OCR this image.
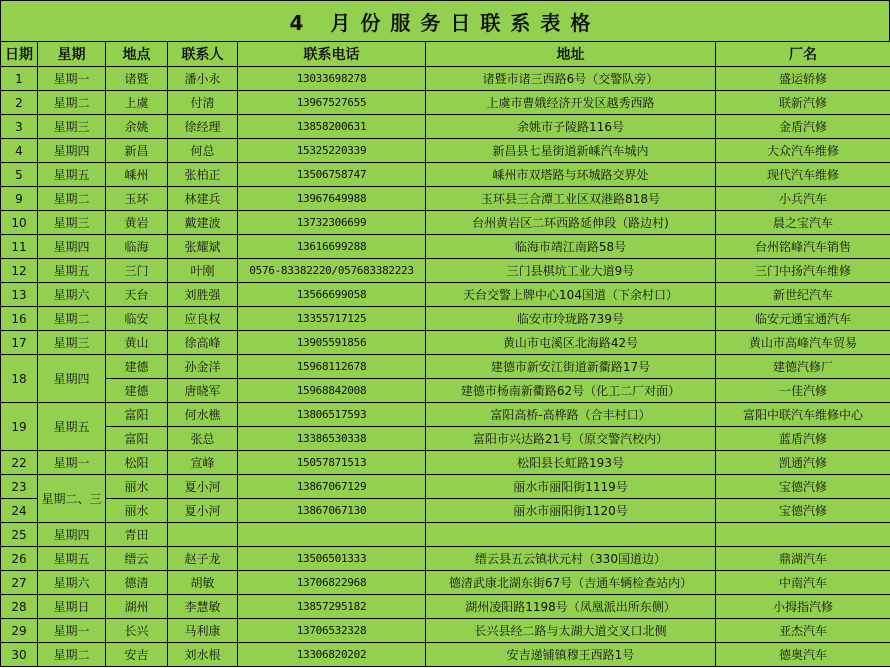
4 月份服务日联系表格
日期	星期	地点	联系人	联系电话	地址	厂名
1	星期一	诸暨	潘小永	13033698278	诸暨市诸三西路6号（交警队旁）	盛运轿修
2	星期二	上虞	付清	13967527655	上虞市曹娥经济开发区越秀西路	联新汽修
3	星期三	余姚	徐经理	13858200631	余姚市子陵路116号	金盾汽修
4	星期四	新昌	何总	15325220339	新昌县七星街道新嵊汽车城内	大众汽车维修
5	星期五	嵊州	张柏正	13506758747	嵊州市双塔路与环城路交界处	现代汽车维修
9	星期二	玉环	林建兵	13967649988	玉环县三合潭工业区双港路818号	小兵汽车
10	星期三	黄岩	戴建波	13732306699	台州黄岩区二环西路延伸段（路边村)	晨之宝汽车
11	星期四	临海	张耀斌	13616699288	临海市靖江南路58号	台州铭峰汽车销售
12	星期五	三门	叶刚	0576-83382220/057683382223	三门县棋坑工业大道9号	三门中扬汽车维修
13	星期六	天台	刘胜强	13566699058	天台交警上牌中心104国道（下余村口）	新世纪汽车
16	星期二	临安	应良权	13355717125	临安市玲珑路739号	临安元通宝通汽车
17	星期三	黄山	徐高峰	13905591856	黄山市屯溪区北海路42号	黄山市高峰汽车贸易
18	星期四	建德	孙金洋	15968112678	建德市新安江街道新衢路17号	建德汽修厂
		建德	唐晓军	15968842008	建德市杨南新衢路62号（化工二厂对面）	一佳汽修
19	星期五	富阳	何水樵	13806517593	富阳高桥-高桦路（合丰村口）	富阳中联汽车维修中心
		富阳	张总	13386530338	富阳市兴达路21号（原交警汽校内）	蓝盾汽修
22	星期一	松阳	宣峰	15057871513	松阳县长虹路193号	凯通汽修
23	星期二、三	丽水	夏小河	13867067129	丽水市丽阳街1119号	宝德汽修
24		丽水	夏小河	13867067130	丽水市丽阳街1120号	宝德汽修
25	星期四	青田				
26	星期五	缙云	赵子龙	13506501333	缙云县五云镇状元村（330国道边）	鼎湖汽车
27	星期六	德清	胡敏	13706822968	德清武康北湖东街67号（吉通车辆检查站内）	中南汽车
28	星期日	湖州	李慧敏	13857295182	湖州凌阳路1198号（凤凰派出所东侧）	小拇指汽修
29	星期一	长兴	马利康	13706532328	长兴县经二路与太湖大道交叉口北侧	亚杰汽车
30	星期二	安吉	刘水根	13306820202	安吉递铺镇穆王西路1号	德奥汽车
